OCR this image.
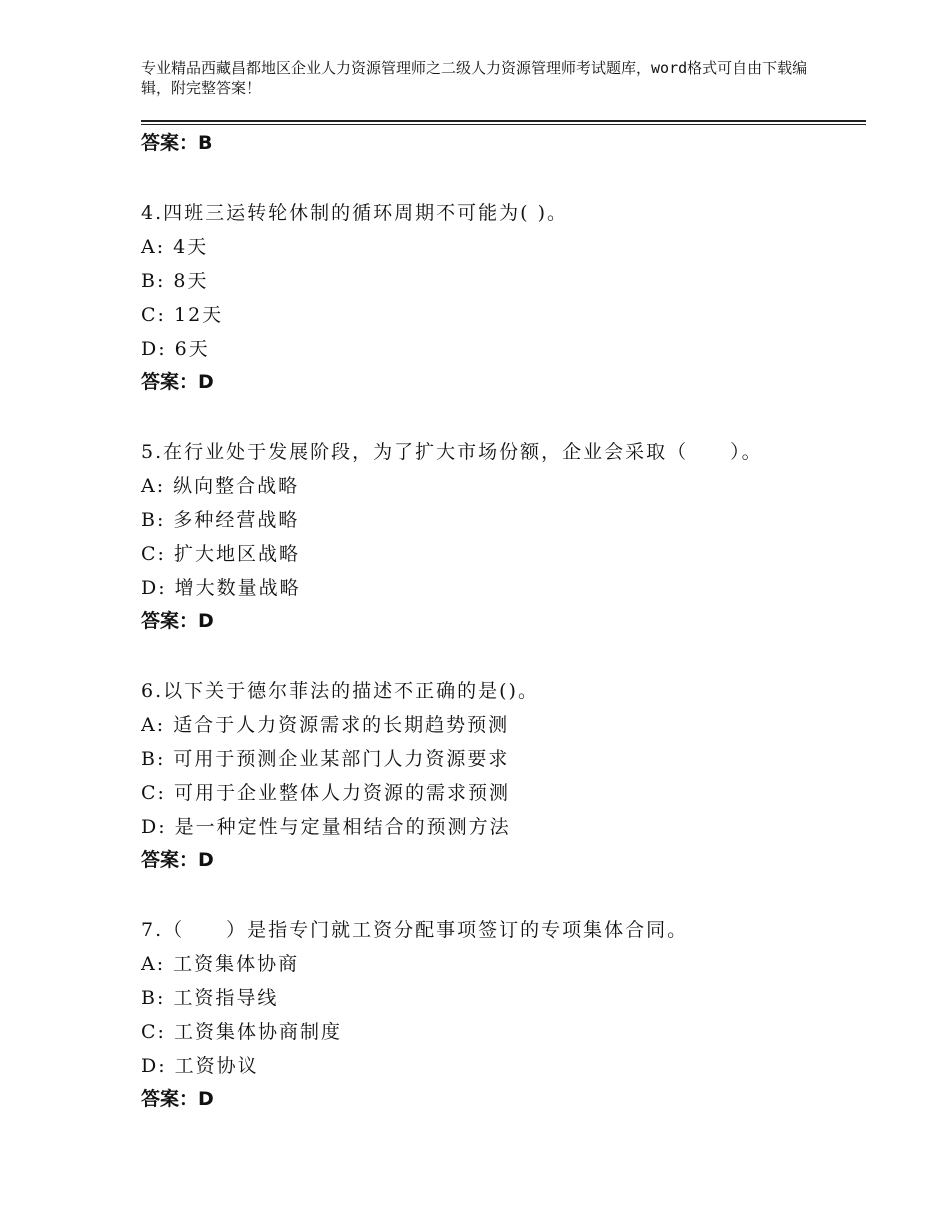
专业精品西藏昌都地区企业人力资源管理师之二级人力资源管理师考试题库，word格式可自由下载编辑，附完整答案！
答案：B
4.四班三运转轮休制的循环周期不可能为( )。
A: 4天
B: 8天
C: 12天
D: 6天
答案：D
5.在行业处于发展阶段，为了扩大市场份额，企业会采取（　　）。
A: 纵向整合战略
B: 多种经营战略
C: 扩大地区战略
D: 增大数量战略
答案：D
6.以下关于德尔菲法的描述不正确的是()。
A: 适合于人力资源需求的长期趋势预测
B: 可用于预测企业某部门人力资源要求
C: 可用于企业整体人力资源的需求预测
D: 是一种定性与定量相结合的预测方法
答案：D
7.（　　）是指专门就工资分配事项签订的专项集体合同。
A: 工资集体协商
B: 工资指导线
C: 工资集体协商制度
D: 工资协议
答案：D
